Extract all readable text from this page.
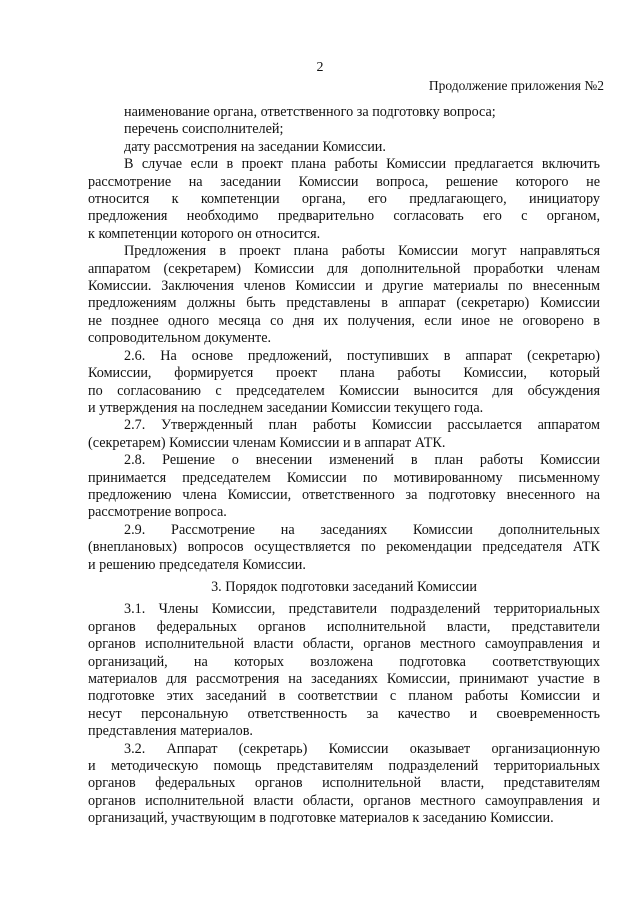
2
Продолжение приложения №2
наименование органа, ответственного за подготовку вопроса;
перечень соисполнителей;
дату рассмотрения на заседании Комиссии.
В случае если в проект плана работы Комиссии предлагается включить
рассмотрение на заседании Комиссии вопроса, решение которого не
относится к компетенции органа, его предлагающего, инициатору
предложения необходимо предварительно согласовать его с органом,
к компетенции которого он относится.
Предложения в проект плана работы Комиссии могут направляться
аппаратом (секретарем) Комиссии для дополнительной проработки членам
Комиссии. Заключения членов Комиссии и другие материалы по внесенным
предложениям должны быть представлены в аппарат (секретарю) Комиссии
не позднее одного месяца со дня их получения, если иное не оговорено в
сопроводительном документе.
2.6. На основе предложений, поступивших в аппарат (секретарю)
Комиссии, формируется проект плана работы Комиссии, который
по согласованию с председателем Комиссии выносится для обсуждения
и утверждения на последнем заседании Комиссии текущего года.
2.7. Утвержденный план работы Комиссии рассылается аппаратом
(секретарем) Комиссии членам Комиссии и в аппарат АТК.
2.8. Решение о внесении изменений в план работы Комиссии
принимается председателем Комиссии по мотивированному письменному
предложению члена Комиссии, ответственного за подготовку внесенного на
рассмотрение вопроса.
2.9. Рассмотрение на заседаниях Комиссии дополнительных
(внеплановых) вопросов осуществляется по рекомендации председателя АТК
и решению председателя Комиссии.
3. Порядок подготовки заседаний Комиссии
3.1. Члены Комиссии, представители подразделений территориальных
органов федеральных органов исполнительной власти, представители
органов исполнительной власти области, органов местного самоуправления и
организаций, на которых возложена подготовка соответствующих
материалов для рассмотрения на заседаниях Комиссии, принимают участие в
подготовке этих заседаний в соответствии с планом работы Комиссии и
несут персональную ответственность за качество и своевременность
представления материалов.
3.2. Аппарат (секретарь) Комиссии оказывает организационную
и методическую помощь представителям подразделений территориальных
органов федеральных органов исполнительной власти, представителям
органов исполнительной власти области, органов местного самоуправления и
организаций, участвующим в подготовке материалов к заседанию Комиссии.
